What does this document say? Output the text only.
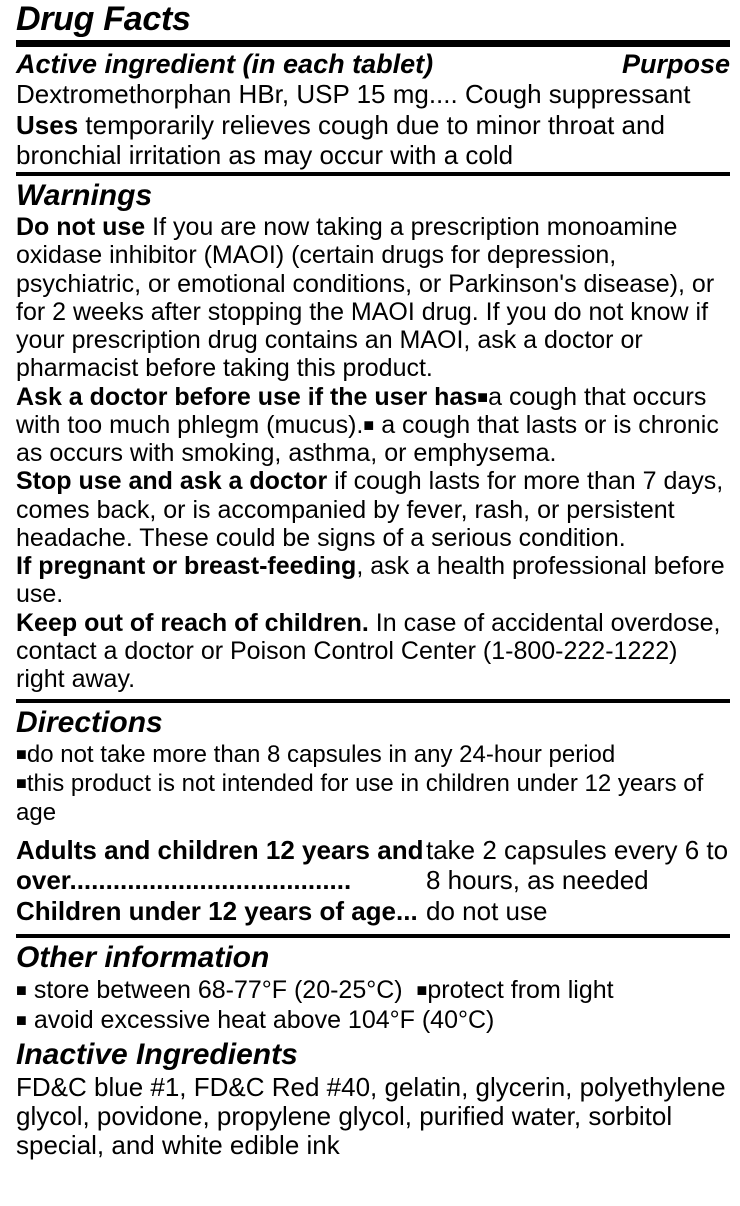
Drug Facts
Active ingredient (in each tablet)	Purpose
Dextromethorphan HBr, USP 15 mg.... Cough suppressant
Uses temporarily relieves cough due to minor throat and bronchial irritation as may occur with a cold
Warnings
Do not use If you are now taking a prescription monoamine oxidase inhibitor (MAOI) (certain drugs for depression, psychiatric, or emotional conditions, or Parkinson's disease), or for 2 weeks after stopping the MAOI drug. If you do not know if your prescription drug contains an MAOI, ask a doctor or pharmacist before taking this product.
Ask a doctor before use if the user has■a cough that occurs with too much phlegm (mucus).■ a cough that lasts or is chronic as occurs with smoking, asthma, or emphysema.
Stop use and ask a doctor if cough lasts for more than 7 days, comes back, or is accompanied by fever, rash, or persistent headache. These could be signs of a serious condition.
If pregnant or breast-feeding, ask a health professional before use.
Keep out of reach of children. In case of accidental overdose, contact a doctor or Poison Control Center (1-800-222-1222) right away.
Directions
■do not take more than 8 capsules in any 24-hour period
■this product is not intended for use in children under 12 years of age
Adults and children 12 years and over.......................................
take 2 capsules every 6 to 8 hours, as needed
Children under 12 years of age... do not use
Other information
■ store between 68-77°F (20-25°C) ■protect from light
■ avoid excessive heat above 104°F (40°C)
Inactive Ingredients
FD&C blue #1, FD&C Red #40, gelatin, glycerin, polyethylene glycol, povidone, propylene glycol, purified water, sorbitol special, and white edible ink
